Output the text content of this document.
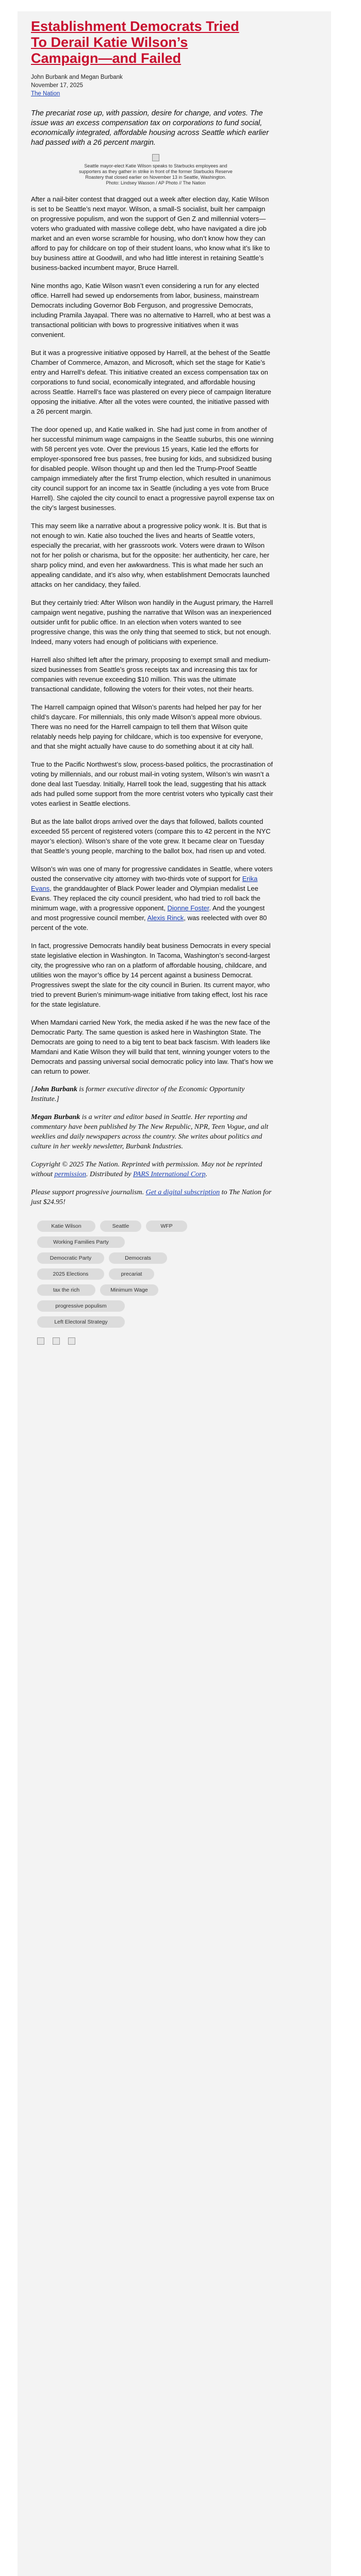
Establishment Democrats Tried To Derail Katie Wilson’s Campaign—and Failed
John Burbank and Megan Burbank
November 17, 2025
The Nation
The precariat rose up, with passion, desire for change, and votes. The issue was an excess compensation tax on corporations to fund social, economically integrated, affordable housing across Seattle which earlier had passed with a 26 percent margin.
Seattle mayor-elect Katie Wilson speaks to Starbucks employees and supporters as they gather in strike in front of the former Starbucks Reserve Roastery that closed earlier on November 13 in Seattle, Washington. Photo: Lindsey Wasson / AP Photo // The Nation

After a nail-biter contest that dragged out a week after election day, Katie Wilson is set to be Seattle’s next mayor. Wilson, a small-S socialist, built her campaign on progressive populism, and won the support of Gen Z and millennial voters—voters who graduated with massive college debt, who have navigated a dire job market and an even worse scramble for housing, who don’t know how they can afford to pay for childcare on top of their student loans, who know what it’s like to buy business attire at Goodwill, and who had little interest in retaining Seattle’s business-backed incumbent mayor, Bruce Harrell.

Nine months ago, Katie Wilson wasn’t even considering a run for any elected office. Harrell had sewed up endorsements from labor, business, mainstream Democrats including Governor Bob Ferguson, and progressive Democrats, including Pramila Jayapal. There was no alternative to Harrell, who at best was a transactional politician with bows to progressive initiatives when it was convenient.

But it was a progressive initiative opposed by Harrell, at the behest of the Seattle Chamber of Commerce, Amazon, and Microsoft, which set the stage for Katie’s entry and Harrell’s defeat. This initiative created an excess compensation tax on corporations to fund social, economically integrated, and affordable housing across Seattle. Harrell’s face was plastered on every piece of campaign literature opposing the initiative. After all the votes were counted, the initiative passed with a 26 percent margin.

The door opened up, and Katie walked in. She had just come in from another of her successful minimum wage campaigns in the Seattle suburbs, this one winning with 58 percent yes vote. Over the previous 15 years, Katie led the efforts for employer-sponsored free bus passes, free busing for kids, and subsidized busing for disabled people. Wilson thought up and then led the Trump-Proof Seattle campaign immediately after the first Trump election, which resulted in unanimous city council support for an income tax in Seattle (including a yes vote from Bruce Harrell). She cajoled the city council to enact a progressive payroll expense tax on the city’s largest businesses.

This may seem like a narrative about a progressive policy wonk. It is. But that is not enough to win. Katie also touched the lives and hearts of Seattle voters, especially the precariat, with her grassroots work. Voters were drawn to Wilson not for her polish or charisma, but for the opposite: her authenticity, her care, her sharp policy mind, and even her awkwardness. This is what made her such an appealing candidate, and it’s also why, when establishment Democrats launched attacks on her candidacy, they failed.

But they certainly tried: After Wilson won handily in the August primary, the Harrell campaign went negative, pushing the narrative that Wilson was an inexperienced outsider unfit for public office. In an election when voters wanted to see progressive change, this was the only thing that seemed to stick, but not enough. Indeed, many voters had enough of politicians with experience.

Harrell also shifted left after the primary, proposing to exempt small and medium-sized businesses from Seattle’s gross receipts tax and increasing this tax for companies with revenue exceeding $10 million. This was the ultimate transactional candidate, following the voters for their votes, not their hearts.

The Harrell campaign opined that Wilson’s parents had helped her pay for her child’s daycare. For millennials, this only made Wilson’s appeal more obvious. There was no need for the Harrell campaign to tell them that Wilson quite relatably needs help paying for childcare, which is too expensive for everyone, and that she might actually have cause to do something about it at city hall.

True to the Pacific Northwest’s slow, process-based politics, the procrastination of voting by millennials, and our robust mail-in voting system, Wilson’s win wasn’t a done deal last Tuesday. Initially, Harrell took the lead, suggesting that his attack ads had pulled some support from the more centrist voters who typically cast their votes earliest in Seattle elections.

But as the late ballot drops arrived over the days that followed, ballots counted exceeded 55 percent of registered voters (compare this to 42 percent in the NYC mayor’s election). Wilson’s share of the vote grew. It became clear on Tuesday that Seattle’s young people, marching to the ballot box, had risen up and voted.

Wilson’s win was one of many for progressive candidates in Seattle, where voters ousted the conservative city attorney with two-thirds vote of support for Erika Evans, the granddaughter of Black Power leader and Olympian medalist Lee Evans. They replaced the city council president, who had tried to roll back the minimum wage, with a progressive opponent, Dionne Foster. And the youngest and most progressive council member, Alexis Rinck, was reelected with over 80 percent of the vote.

In fact, progressive Democrats handily beat business Democrats in every special state legislative election in Washington. In Tacoma, Washington’s second-largest city, the progressive who ran on a platform of affordable housing, childcare, and utilities won the mayor’s office by 14 percent against a business Democrat. Progressives swept the slate for the city council in Burien. Its current mayor, who tried to prevent Burien’s minimum-wage initiative from taking effect, lost his race for the state legislature.

When Mamdani carried New York, the media asked if he was the new face of the Democratic Party. The same question is asked here in Washington State. The Democrats are going to need to a big tent to beat back fascism. With leaders like Mamdani and Katie Wilson they will build that tent, winning younger voters to the Democrats and passing universal social democratic policy into law. That’s how we can return to power.

[John Burbank is former executive director of the Economic Opportunity Institute.]

Megan Burbank is a writer and editor based in Seattle. Her reporting and commentary have been published by The New Republic, NPR, Teen Vogue, and alt weeklies and daily newspapers across the country. She writes about politics and culture in her weekly newsletter, Burbank Industries.

Copyright © 2025 The Nation. Reprinted with permission. May not be reprinted without permission. Distributed by PARS International Corp.

Please support progressive journalism. Get a digital subscription to The Nation for just $24.95!

Katie Wilson	Seattle	WFP Working Families Party Democratic Party	Democrats 2025 Elections	precariat tax the rich	Minimum Wage progressive populism Left Electoral Strategy
